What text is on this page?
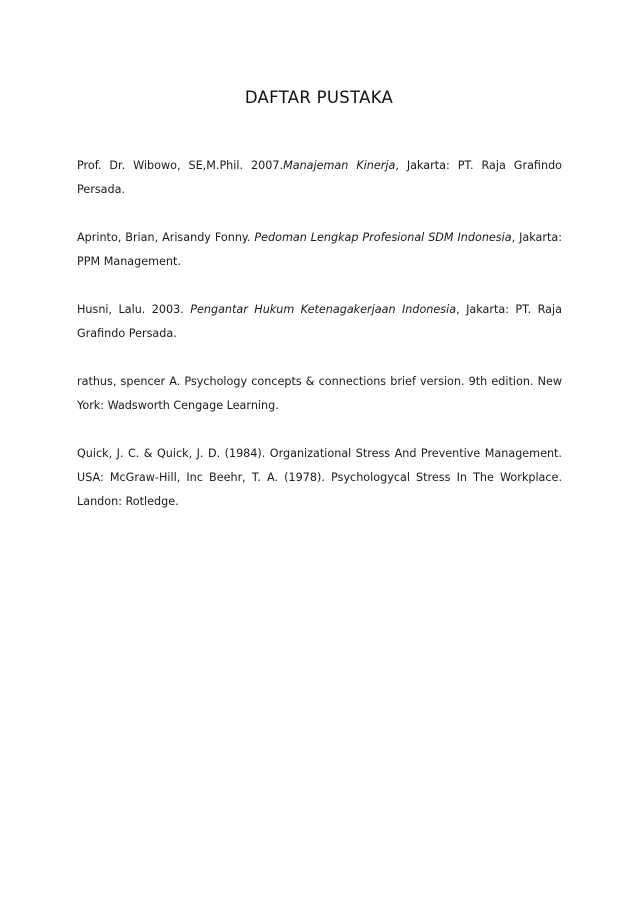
DAFTAR PUSTAKA

Prof. Dr. Wibowo, SE,M.Phil. 2007.Manajeman Kinerja, Jakarta: PT. Raja Grafindo Persada.

Aprinto, Brian, Arisandy Fonny. Pedoman Lengkap Profesional SDM Indonesia, Jakarta: PPM Management.

Husni, Lalu. 2003. Pengantar Hukum Ketenagakerjaan Indonesia, Jakarta: PT. Raja Grafindo Persada.

rathus, spencer A. Psychology concepts & connections brief version. 9th edition. New York: Wadsworth Cengage Learning.

Quick, J. C. & Quick, J. D. (1984). Organizational Stress And Preventive Management. USA: McGraw-Hill, Inc Beehr, T. A. (1978). Psychologycal Stress In The Workplace. Landon: Rotledge.
